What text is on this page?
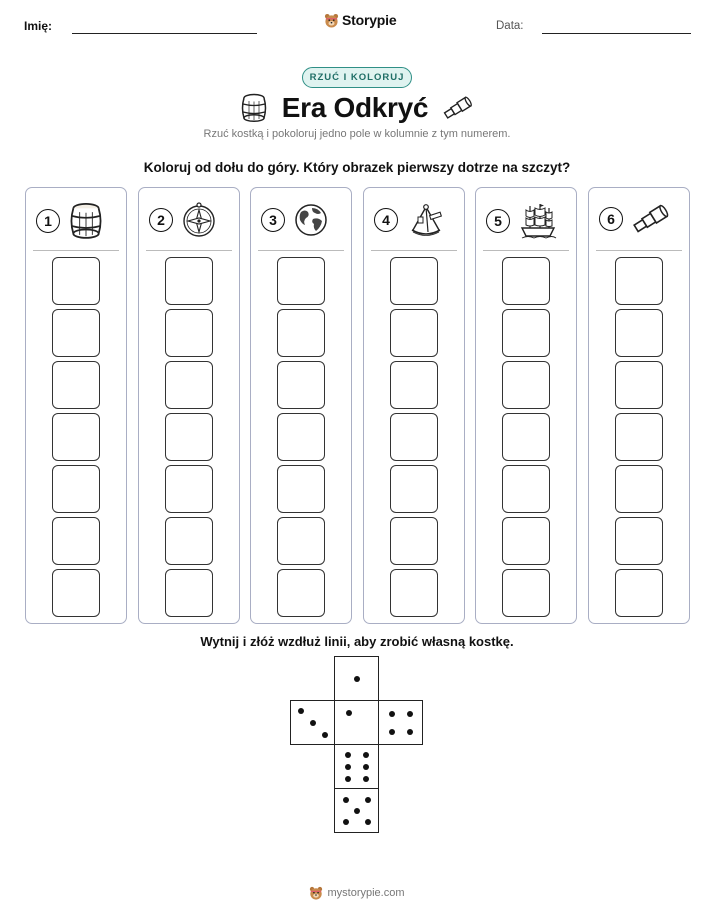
Imię:	Storypie	Data:
RZUĆ I KOLORUJ
Era Odkryć
Rzuć kostką i pokoloruj jedno pole w kolumnie z tym numerem.
Koloruj od dołu do góry. Który obrazek pierwszy dotrze na szczyt?
1	2	3	4	5	6
Wytnij i złóż wzdłuż linii, aby zrobić własną kostkę.
mystorypie.com
